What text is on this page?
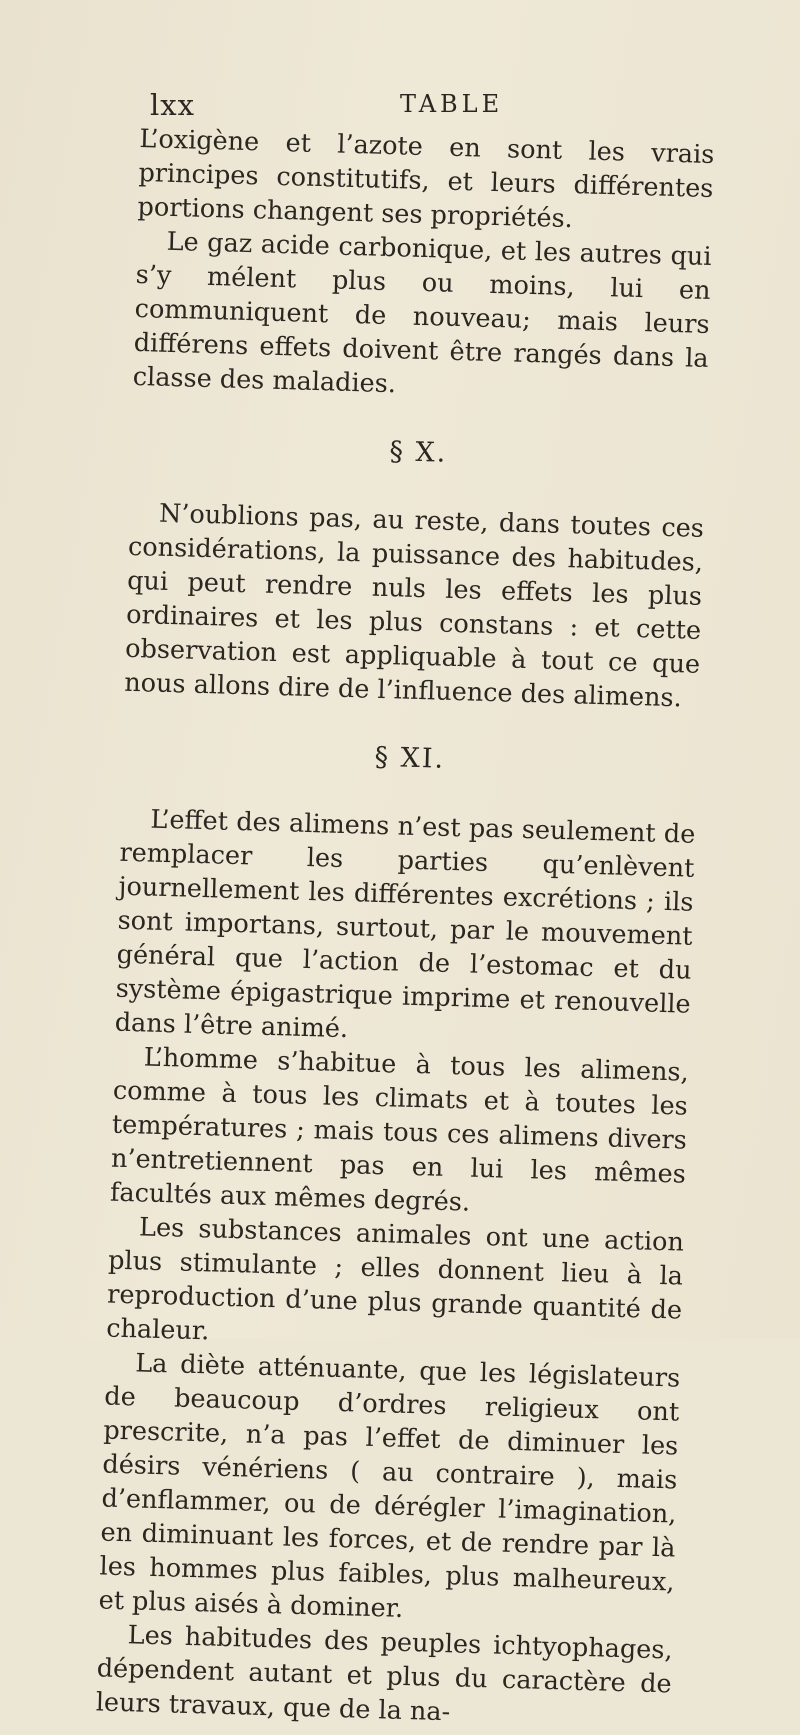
lxx	TABLE

L’oxigène et l’azote en sont les vrais principes constitutifs, et leurs différentes portions changent ses propriétés.

Le gaz acide carbonique, et les autres qui s’y mélent plus ou moins, lui en communiquent de nouveau; mais leurs différens effets doivent être rangés dans la classe des maladies.

§ X.

N’oublions pas, au reste, dans toutes ces considérations, la puissance des habitudes, qui peut rendre nuls les effets les plus ordinaires et les plus constans : et cette observation est appliquable à tout ce que nous allons dire de l’influence des alimens.

§ XI.

L’effet des alimens n’est pas seulement de remplacer les parties qu’enlèvent journellement les différentes excrétions ; ils sont importans, surtout, par le mouvement général que l’action de l’estomac et du système épigastrique imprime et renouvelle dans l’être animé.

L’homme s’habitue à tous les alimens, comme à tous les climats et à toutes les températures ; mais tous ces alimens divers n’entretiennent pas en lui les mêmes facultés aux mêmes degrés.

Les substances animales ont une action plus stimulante ; elles donnent lieu à la reproduction d’une plus grande quantité de chaleur.

La diète atténuante, que les législateurs de beaucoup d’ordres religieux ont prescrite, n’a pas l’effet de diminuer les désirs vénériens ( au contraire ), mais d’enflammer, ou de dérégler l’imagination, en diminuant les forces, et de rendre par là les hommes plus faibles, plus malheureux, et plus aisés à dominer.

Les habitudes des peuples ichtyophages, dépendent autant et plus du caractère de leurs travaux, que de la na-
